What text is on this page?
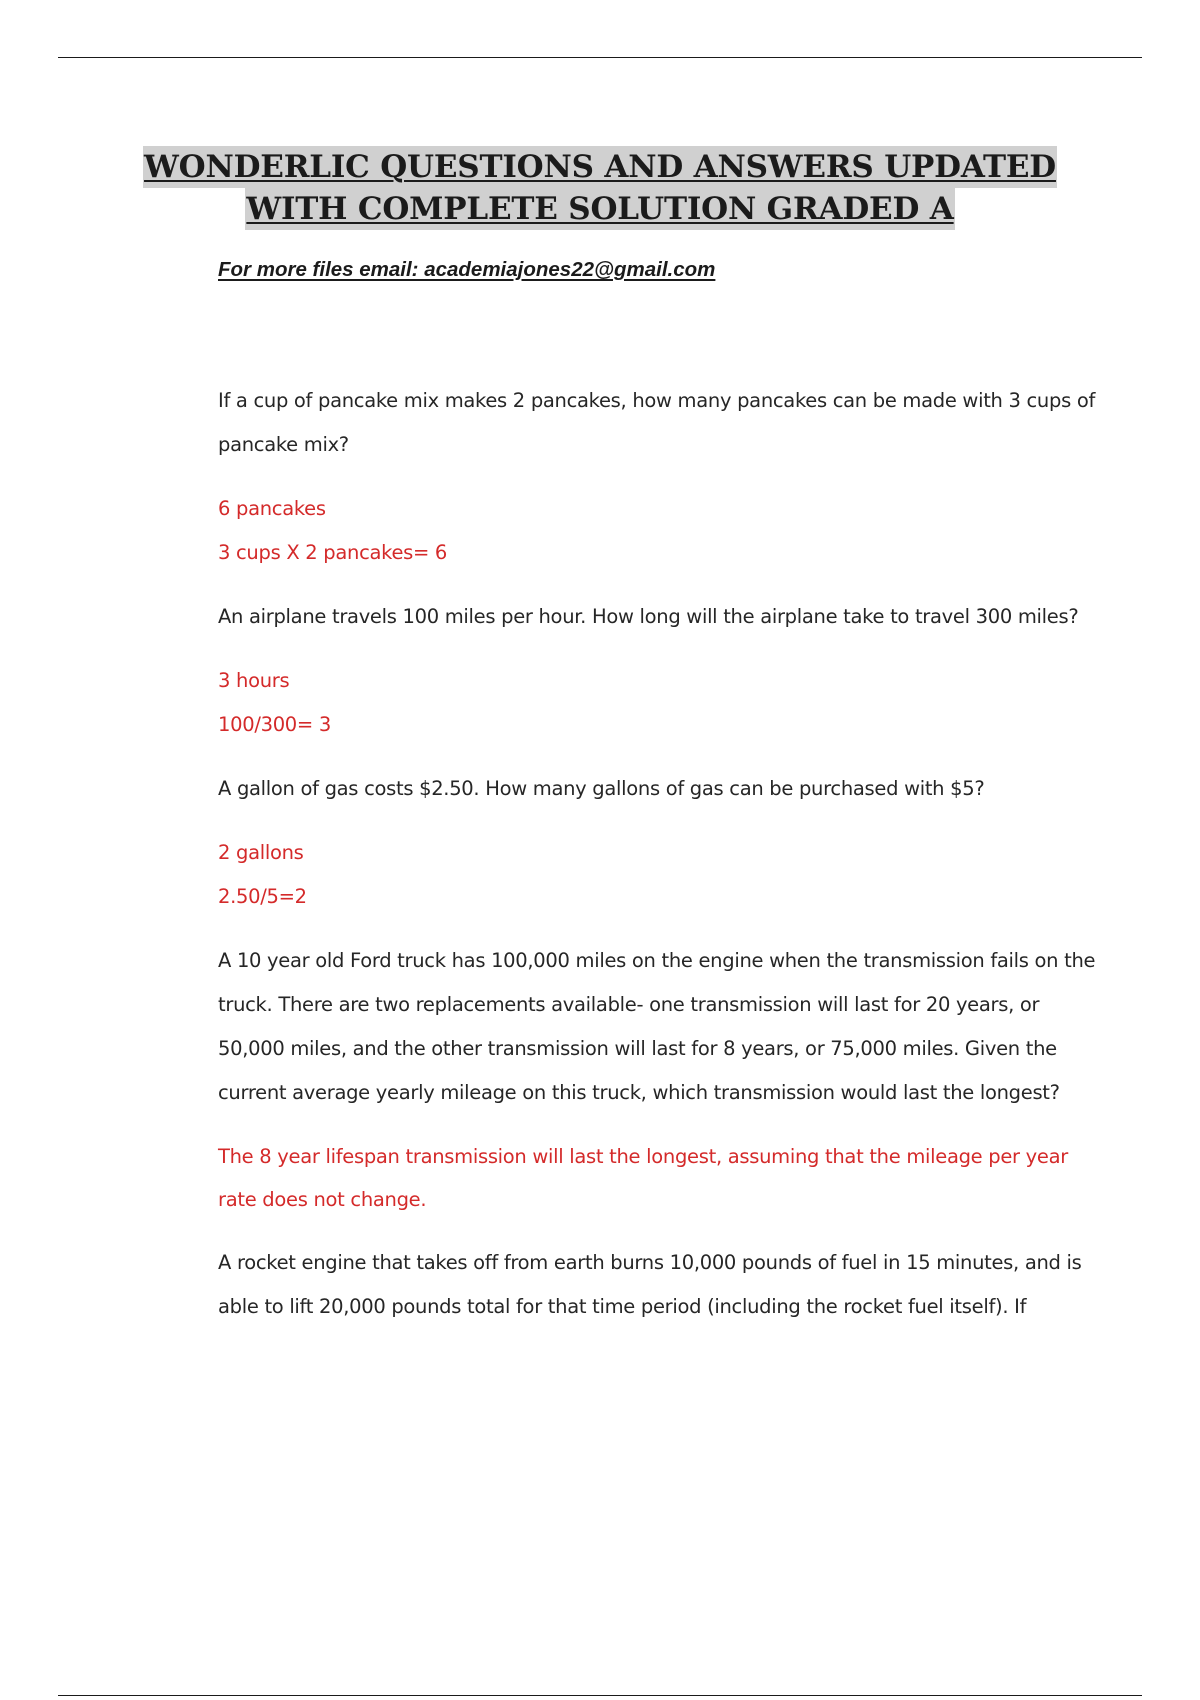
WONDERLIC QUESTIONS AND ANSWERS UPDATED
WITH COMPLETE SOLUTION GRADED A
For more files email: academiajones22@gmail.com

If a cup of pancake mix makes 2 pancakes, how many pancakes can be made with 3 cups of pancake mix?

6 pancakes

3 cups X 2 pancakes= 6

An airplane travels 100 miles per hour. How long will the airplane take to travel 300 miles?

3 hours

100/300= 3

A gallon of gas costs $2.50. How many gallons of gas can be purchased with $5?

2 gallons

2.50/5=2

A 10 year old Ford truck has 100,000 miles on the engine when the transmission fails on the truck. There are two replacements available- one transmission will last for 20 years, or 50,000 miles, and the other transmission will last for 8 years, or 75,000 miles. Given the current average yearly mileage on this truck, which transmission would last the longest?

The 8 year lifespan transmission will last the longest, assuming that the mileage per year rate does not change.

A rocket engine that takes off from earth burns 10,000 pounds of fuel in 15 minutes, and is able to lift 20,000 pounds total for that time period (including the rocket fuel itself). If
